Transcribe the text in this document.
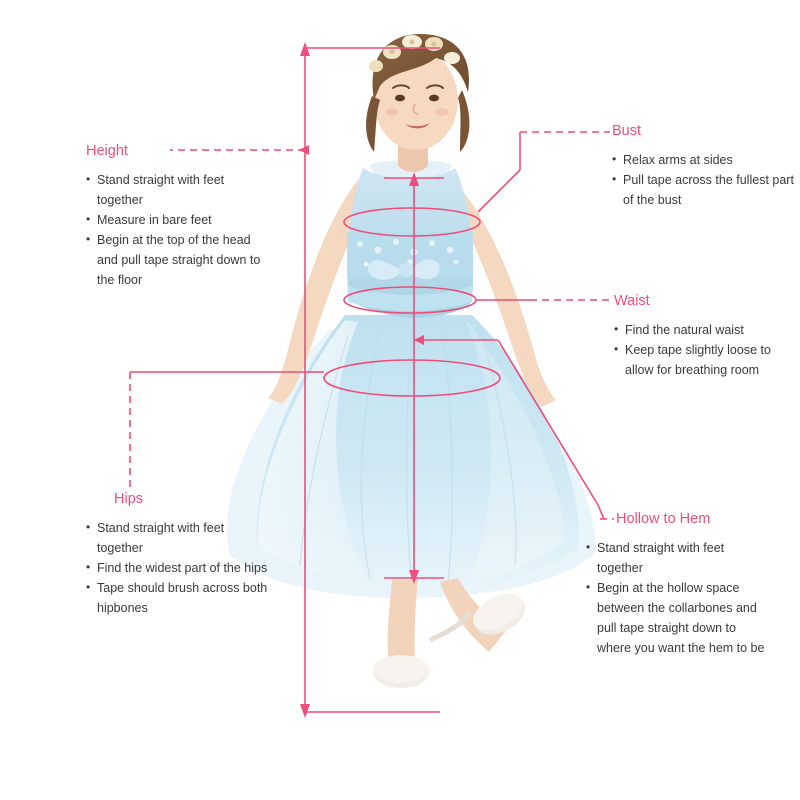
Height
• Stand straight with feet together
• Measure in bare feet
• Begin at the top of the head and pull tape straight down to the floor
Bust
• Relax arms at sides
• Pull tape across the fullest part of the bust
Waist
• Find the natural waist
• Keep tape slightly loose to allow for breathing room
Hips
• Stand straight with feet together
• Find the widest part of the hips
• Tape should brush across both hipbones
Hollow to Hem
• Stand straight with feet together
• Begin at the hollow space between the collarbones and pull tape straight down to where you want the hem to be
